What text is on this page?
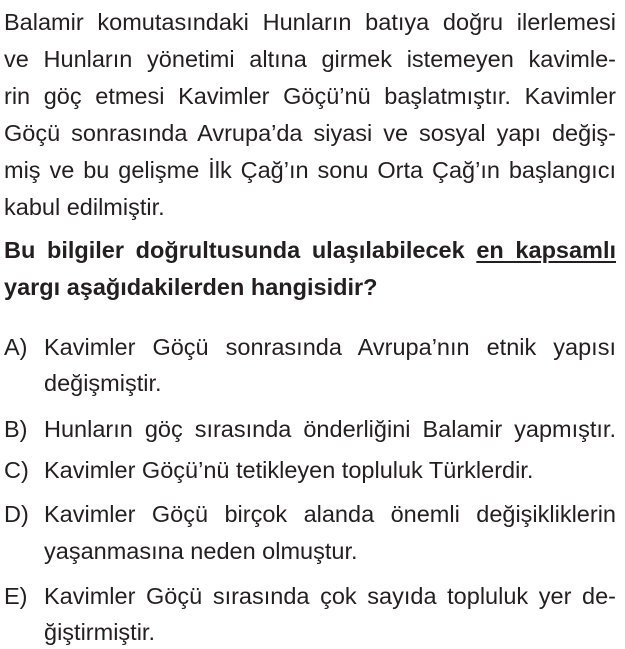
Balamir komutasındaki Hunların batıya doğru ilerlemesi
ve Hunların yönetimi altına girmek istemeyen kavimle-
rin göç etmesi Kavimler Göçü’nü başlatmıştır. Kavimler
Göçü sonrasında Avrupa’da siyasi ve sosyal yapı değiş-
miş ve bu gelişme İlk Çağ’ın sonu Orta Çağ’ın başlangıcı
kabul edilmiştir.
Bu bilgiler doğrultusunda ulaşılabilecek en kapsamlı
yargı aşağıdakilerden hangisidir?
A) Kavimler Göçü sonrasında Avrupa’nın etnik yapısı
değişmiştir.
B) Hunların göç sırasında önderliğini Balamir yapmıştır.
C) Kavimler Göçü’nü tetikleyen topluluk Türklerdir.
D) Kavimler Göçü birçok alanda önemli değişikliklerin
yaşanmasına neden olmuştur.
E) Kavimler Göçü sırasında çok sayıda topluluk yer de-
ğiştirmiştir.
